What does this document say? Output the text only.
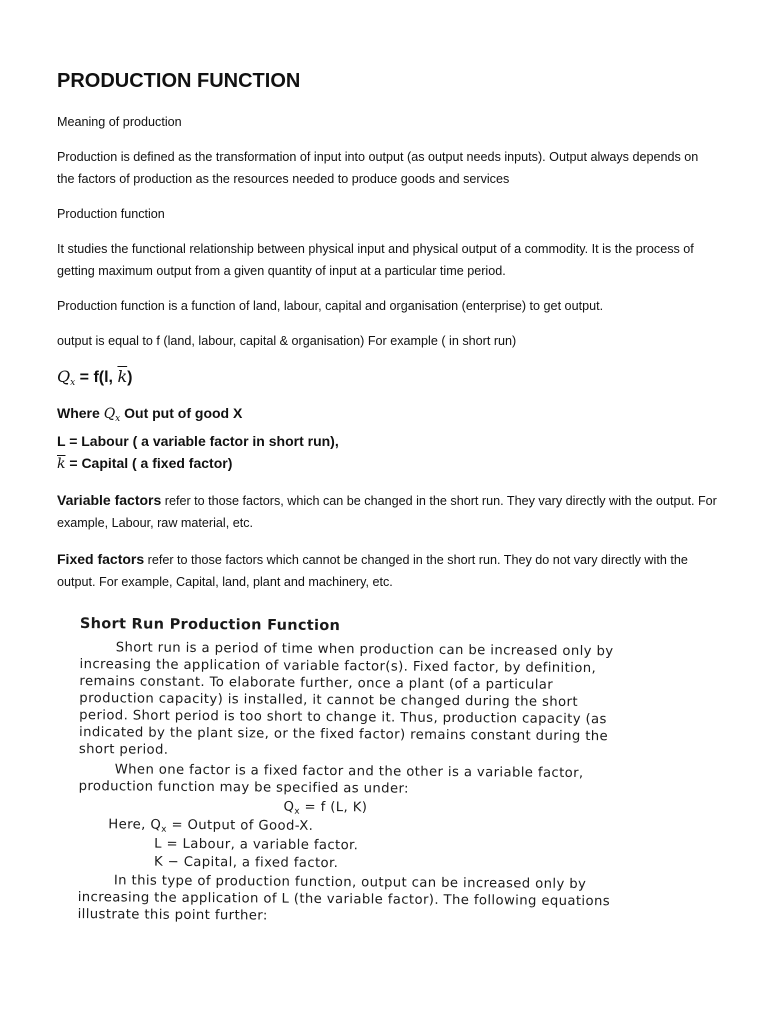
PRODUCTION FUNCTION

Meaning of production

Production is defined as the transformation of input into output (as output needs inputs). Output always depends on the factors of production as the resources needed to produce goods and services

Production function

It studies the functional relationship between physical input and physical output of a commodity. It is the process of getting maximum output from a given quantity of input at a particular time period.

Production function is a function of land, labour, capital and organisation (enterprise) to get output.

output is equal to f (land, labour, capital & organisation) For example ( in short run)

$Q_x = f(l$, $\overline{k}$)
Where $Q_x$ Out put of good X
L = Labour ( a variable factor in short run),
$\overline{k}$ = Capital ( a fixed factor)

Variable factors refer to those factors, which can be changed in the short run. They vary directly with the output. For example, Labour, raw material, etc.

Fixed factors refer to those factors which cannot be changed in the short run. They do not vary directly with the output. For example, Capital, land, plant and machinery, etc.

Short Run Production Function
Short run is a period of time when production can be increased only by
increasing the application of variable factor(s). Fixed factor, by definition,
remains constant. To elaborate further, once a plant (of a particular
production capacity) is installed, it cannot be changed during the short
period. Short period is too short to change it. Thus, production capacity (as
indicated by the plant size, or the fixed factor) remains constant during the
short period.
When one factor is a fixed factor and the other is a variable factor,
production function may be specified as under:
$Q_x = f$ (L, K)
Here, $Q_x$ = Output of Good-X.
L = Labour, a variable factor.
K − Capital, a fixed factor.
In this type of production function, output can be increased only by
increasing the application of L (the variable factor). The following equations
illustrate this point further:
